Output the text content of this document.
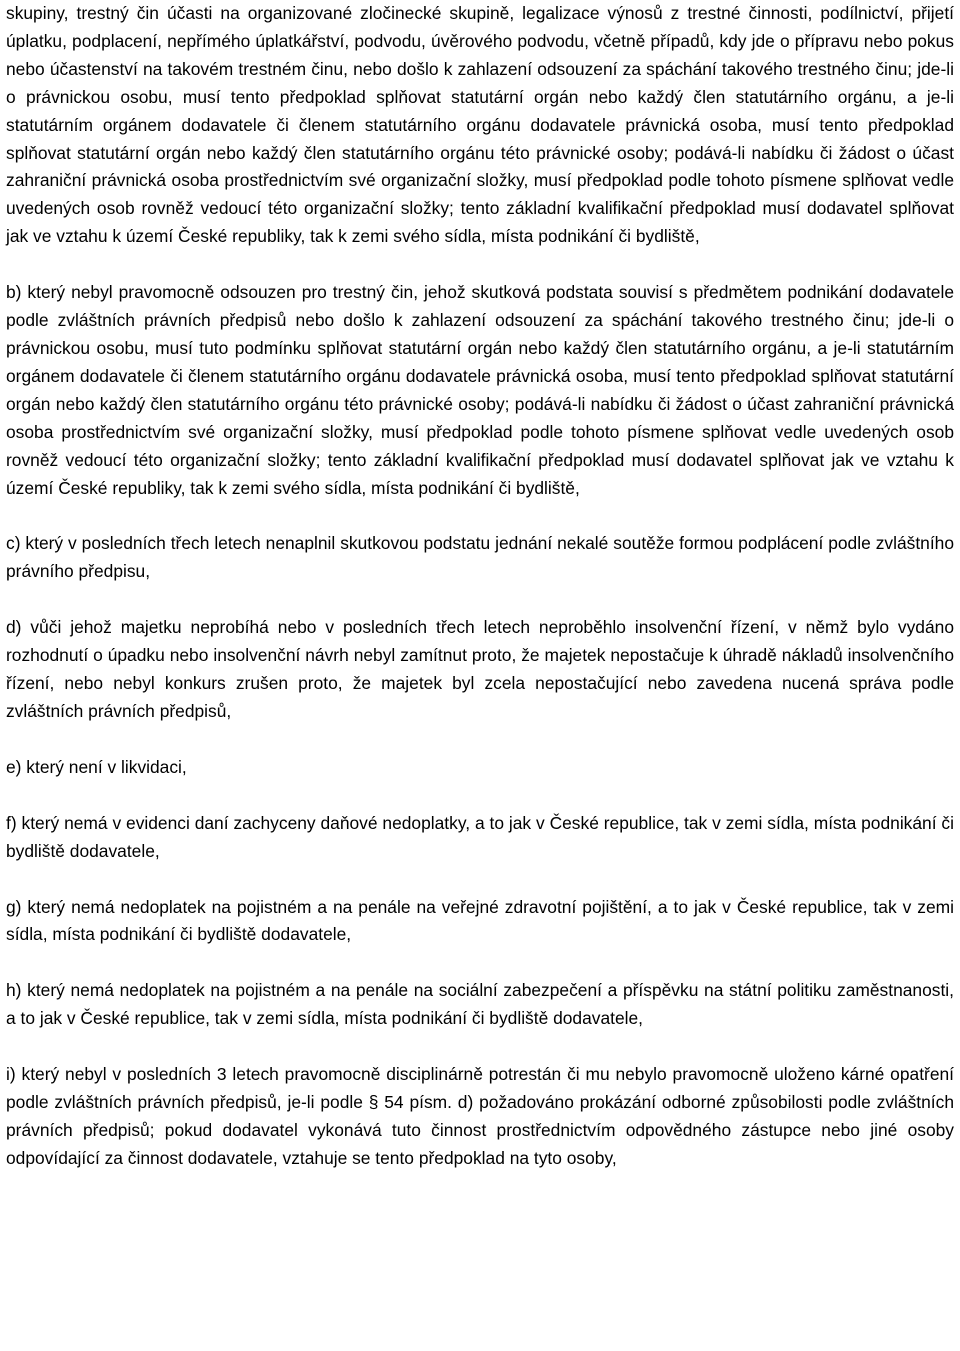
skupiny, trestný čin účasti na organizované zločinecké skupině, legalizace výnosů z trestné činnosti, podílnictví, přijetí úplatku, podplacení, nepřímého úplatkářství, podvodu, úvěrového podvodu, včetně případů, kdy jde o přípravu nebo pokus nebo účastenství na takovém trestném činu, nebo došlo k zahlazení odsouzení za spáchání takového trestného činu; jde-li o právnickou osobu, musí tento předpoklad splňovat statutární orgán nebo každý člen statutárního orgánu, a je-li statutárním orgánem dodavatele či členem statutárního orgánu dodavatele právnická osoba, musí tento předpoklad splňovat statutární orgán nebo každý člen statutárního orgánu této právnické osoby; podává-li nabídku či žádost o účast zahraniční právnická osoba prostřednictvím své organizační složky, musí předpoklad podle tohoto písmene splňovat vedle uvedených osob rovněž vedoucí této organizační složky; tento základní kvalifikační předpoklad musí dodavatel splňovat jak ve vztahu k území České republiky, tak k zemi svého sídla, místa podnikání či bydliště,

b) který nebyl pravomocně odsouzen pro trestný čin, jehož skutková podstata souvisí s předmětem podnikání dodavatele podle zvláštních právních předpisů nebo došlo k zahlazení odsouzení za spáchání takového trestného činu; jde-li o právnickou osobu, musí tuto podmínku splňovat statutární orgán nebo každý člen statutárního orgánu, a je-li statutárním orgánem dodavatele či členem statutárního orgánu dodavatele právnická osoba, musí tento předpoklad splňovat statutární orgán nebo každý člen statutárního orgánu této právnické osoby; podává-li nabídku či žádost o účast zahraniční právnická osoba prostřednictvím své organizační složky, musí předpoklad podle tohoto písmene splňovat vedle uvedených osob rovněž vedoucí této organizační složky; tento základní kvalifikační předpoklad musí dodavatel splňovat jak ve vztahu k území České republiky, tak k zemi svého sídla, místa podnikání či bydliště,

c) který v posledních třech letech nenaplnil skutkovou podstatu jednání nekalé soutěže formou podplácení podle zvláštního právního předpisu,

d) vůči jehož majetku neprobíhá nebo v posledních třech letech neproběhlo insolvenční řízení, v němž bylo vydáno rozhodnutí o úpadku nebo insolvenční návrh nebyl zamítnut proto, že majetek nepostačuje k úhradě nákladů insolvenčního řízení, nebo nebyl konkurs zrušen proto, že majetek byl zcela nepostačující nebo zavedena nucená správa podle zvláštních právních předpisů,

e) který není v likvidaci,

f) který nemá v evidenci daní zachyceny daňové nedoplatky, a to jak v České republice, tak v zemi sídla, místa podnikání či bydliště dodavatele,

g) který nemá nedoplatek na pojistném a na penále na veřejné zdravotní pojištění, a to jak v České republice, tak v zemi sídla, místa podnikání či bydliště dodavatele,

h) který nemá nedoplatek na pojistném a na penále na sociální zabezpečení a příspěvku na státní politiku zaměstnanosti, a to jak v České republice, tak v zemi sídla, místa podnikání či bydliště dodavatele,

i) který nebyl v posledních 3 letech pravomocně disciplinárně potrestán či mu nebylo pravomocně uloženo kárné opatření podle zvláštních právních předpisů, je-li podle § 54 písm. d) požadováno prokázání odborné způsobilosti podle zvláštních právních předpisů; pokud dodavatel vykonává tuto činnost prostřednictvím odpovědného zástupce nebo jiné osoby odpovídající za činnost dodavatele, vztahuje se tento předpoklad na tyto osoby,
